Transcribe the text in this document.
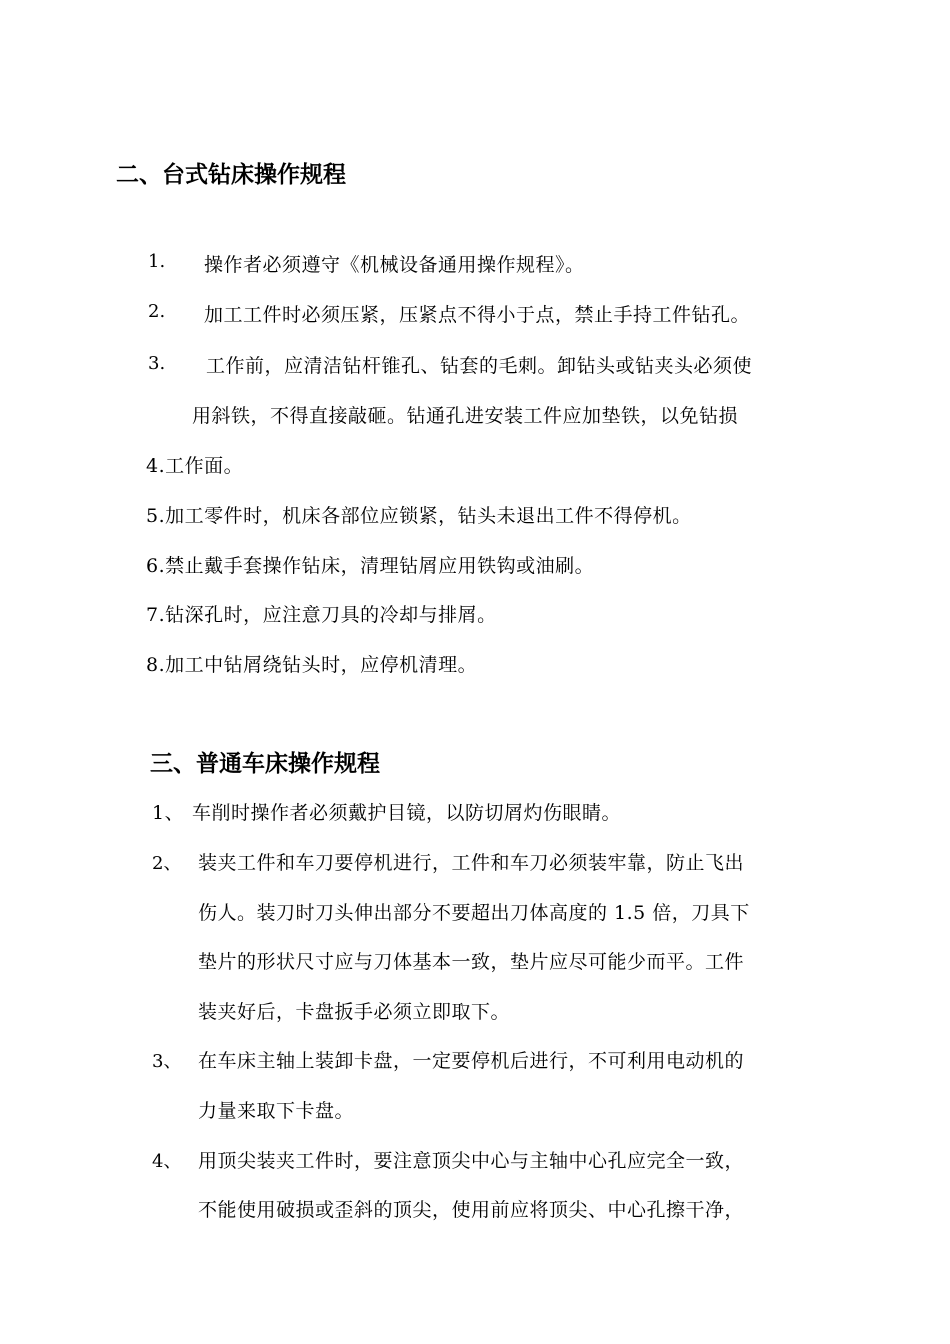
二、台式钻床操作规程
1. 操作者必须遵守《机械设备通用操作规程》。
2. 加工工件时必须压紧，压紧点不得小于点，禁止手持工件钻孔。
3. 工作前，应清洁钻杆锥孔、钻套的毛刺。卸钻头或钻夹头必须使
用斜铁，不得直接敲砸。钻通孔进安装工件应加垫铁，以免钻损
4.工作面。
5.加工零件时，机床各部位应锁紧，钻头未退出工件不得停机。
6.禁止戴手套操作钻床，清理钻屑应用铁钩或油刷。
7.钻深孔时，应注意刀具的冷却与排屑。
8.加工中钻屑绕钻头时，应停机清理。
三、普通车床操作规程
1、 车削时操作者必须戴护目镜，以防切屑灼伤眼睛。
2、 装夹工件和车刀要停机进行，工件和车刀必须装牢靠，防止飞出
伤人。装刀时刀头伸出部分不要超出刀体高度的 1.5 倍，刀具下
垫片的形状尺寸应与刀体基本一致，垫片应尽可能少而平。工件
装夹好后，卡盘扳手必须立即取下。
3、 在车床主轴上装卸卡盘，一定要停机后进行，不可利用电动机的
力量来取下卡盘。
4、 用顶尖装夹工件时，要注意顶尖中心与主轴中心孔应完全一致，
不能使用破损或歪斜的顶尖，使用前应将顶尖、中心孔擦干净，
